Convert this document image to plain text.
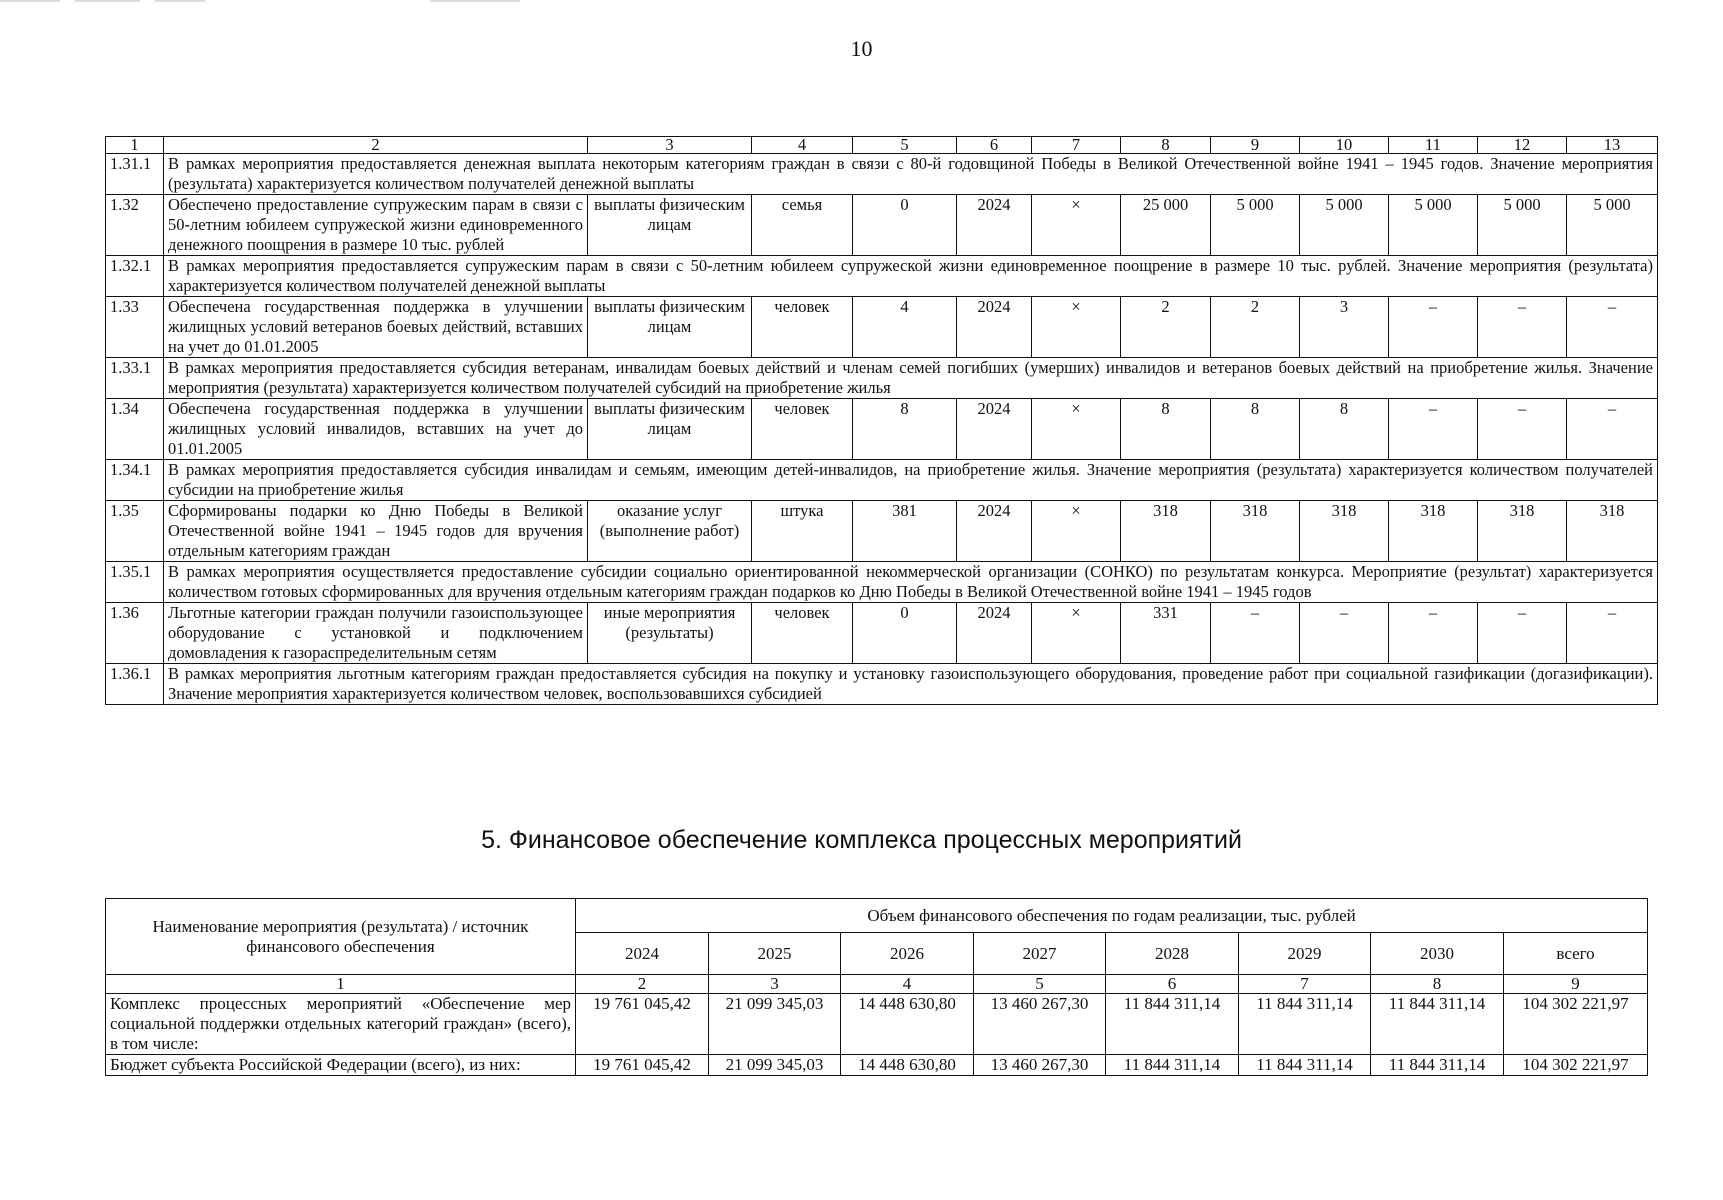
10
1	2	3	4	5	6	7	8	9	10	11	12	13
1.31.1	В рамках мероприятия предоставляется денежная выплата некоторым категориям граждан в связи с 80-й годовщиной Победы в Великой Отечественной войне 1941 – 1945 годов. Значение мероприятия (результата) характеризуется количеством получателей денежной выплаты											
1.32	Обеспечено предоставление супружеским парам в связи с 50-летним юбилеем супружеской жизни единовременного денежного поощрения в размере 10 тыс. рублей	выплаты физическим лицам	семья	0	2024	×	25 000	5 000	5 000	5 000	5 000	5 000
1.32.1	В рамках мероприятия предоставляется супружеским парам в связи с 50-летним юбилеем супружеской жизни единовременное поощрение в размере 10 тыс. рублей. Значение мероприятия (результата) характеризуется количеством получателей денежной выплаты											
1.33	Обеспечена государственная поддержка в улучшении жилищных условий ветеранов боевых действий, вставших на учет до 01.01.2005	выплаты физическим лицам	человек	4	2024	×	2	2	3	–	–	–
1.33.1	В рамках мероприятия предоставляется субсидия ветеранам, инвалидам боевых действий и членам семей погибших (умерших) инвалидов и ветеранов боевых действий на приобретение жилья. Значение мероприятия (результата) характеризуется количеством получателей субсидий на приобретение жилья											
1.34	Обеспечена государственная поддержка в улучшении жилищных условий инвалидов, вставших на учет до 01.01.2005	выплаты физическим лицам	человек	8	2024	×	8	8	8	–	–	–
1.34.1	В рамках мероприятия предоставляется субсидия инвалидам и семьям, имеющим детей-инвалидов, на приобретение жилья. Значение мероприятия (результата) характеризуется количеством получателей субсидии на приобретение жилья											
1.35	Сформированы подарки ко Дню Победы в Великой Отечественной войне 1941 – 1945 годов для вручения отдельным категориям граждан	оказание услуг (выполнение работ)	штука	381	2024	×	318	318	318	318	318	318
1.35.1	В рамках мероприятия осуществляется предоставление субсидии социально ориентированной некоммерческой организации (СОНКО) по результатам конкурса. Мероприятие (результат) характеризуется количеством готовых сформированных для вручения отдельным категориям граждан подарков ко Дню Победы в Великой Отечественной войне 1941 – 1945 годов											
1.36	Льготные категории граждан получили газоиспользующее оборудование с установкой и подключением домовладения к газораспределительным сетям	иные мероприятия (результаты)	человек	0	2024	×	331	–	–	–	–	–
1.36.1	В рамках мероприятия льготным категориям граждан предоставляется субсидия на покупку и установку газоиспользующего оборудования, проведение работ при социальной газификации (догазификации). Значение мероприятия характеризуется количеством человек, воспользовавшихся субсидией											
5. Финансовое обеспечение комплекса процессных мероприятий
Наименование мероприятия (результата) / источник финансового обеспечения	Объем финансового обеспечения по годам реализации, тыс. рублей							
	2024	2025	2026	2027	2028	2029	2030	всего
1	2	3	4	5	6	7	8	9
Комплекс процессных мероприятий «Обеспечение мер социальной поддержки отдельных категорий граждан» (всего), в том числе:	19 761 045,42	21 099 345,03	14 448 630,80	13 460 267,30	11 844 311,14	11 844 311,14	11 844 311,14	104 302 221,97
Бюджет субъекта Российской Федерации (всего), из них:	19 761 045,42	21 099 345,03	14 448 630,80	13 460 267,30	11 844 311,14	11 844 311,14	11 844 311,14	104 302 221,97
